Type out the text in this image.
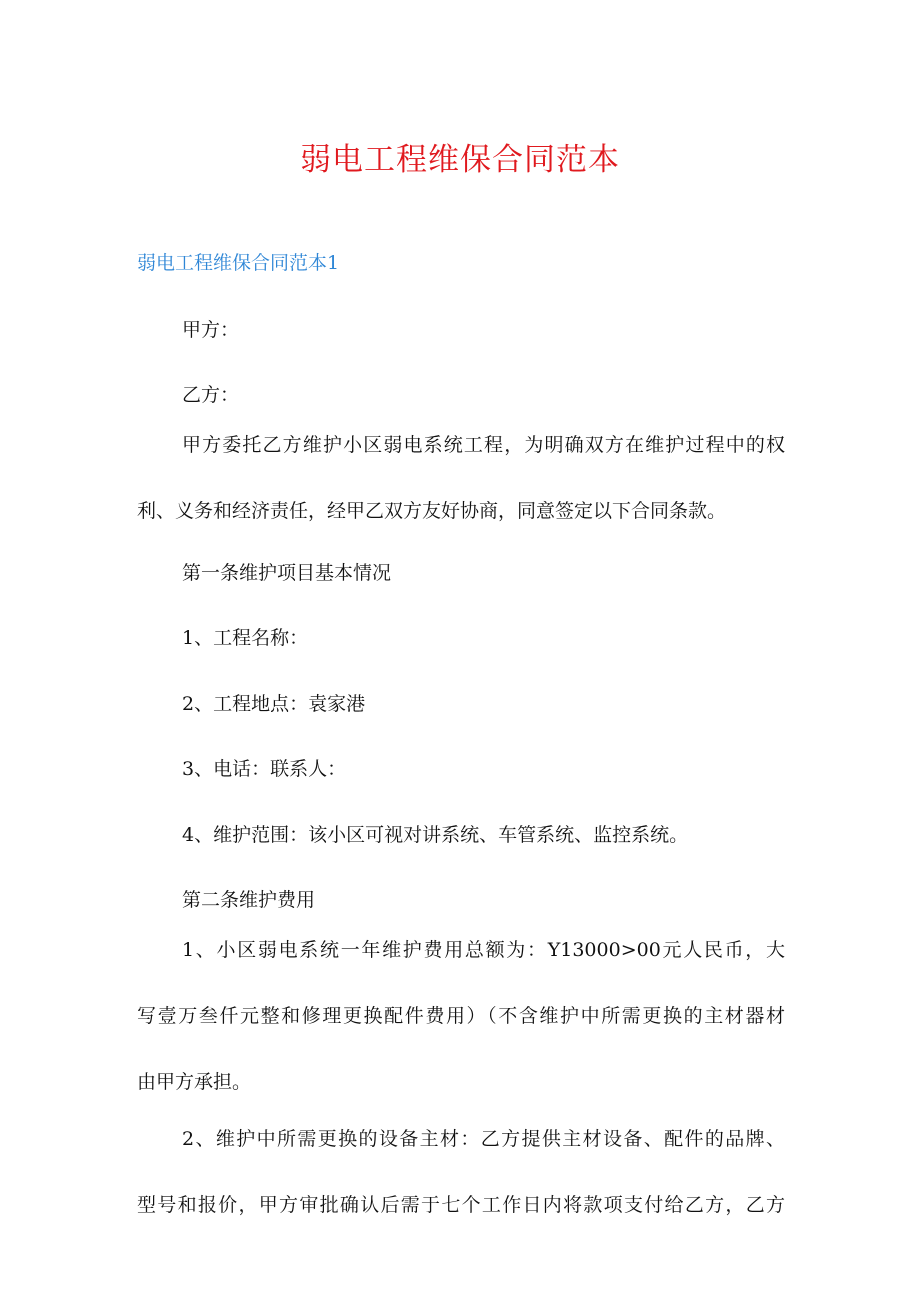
弱电工程维保合同范本
弱电工程维保合同范本1
甲方：
乙方：
甲方委托乙方维护小区弱电系统工程，为明确双方在维护过程中的权
利、义务和经济责任，经甲乙双方友好协商，同意签定以下合同条款。
第一条维护项目基本情况
1、工程名称：
2、工程地点：袁家港
3、电话：联系人：
4、维护范围：该小区可视对讲系统、车管系统、监控系统。
第二条维护费用
1、小区弱电系统一年维护费用总额为：Y13000>00元人民币，大
写壹万叁仟元整和修理更换配件费用）（不含维护中所需更换的主材器材
由甲方承担。
2、维护中所需更换的设备主材：乙方提供主材设备、配件的品牌、
型号和报价，甲方审批确认后需于七个工作日内将款项支付给乙方，乙方
